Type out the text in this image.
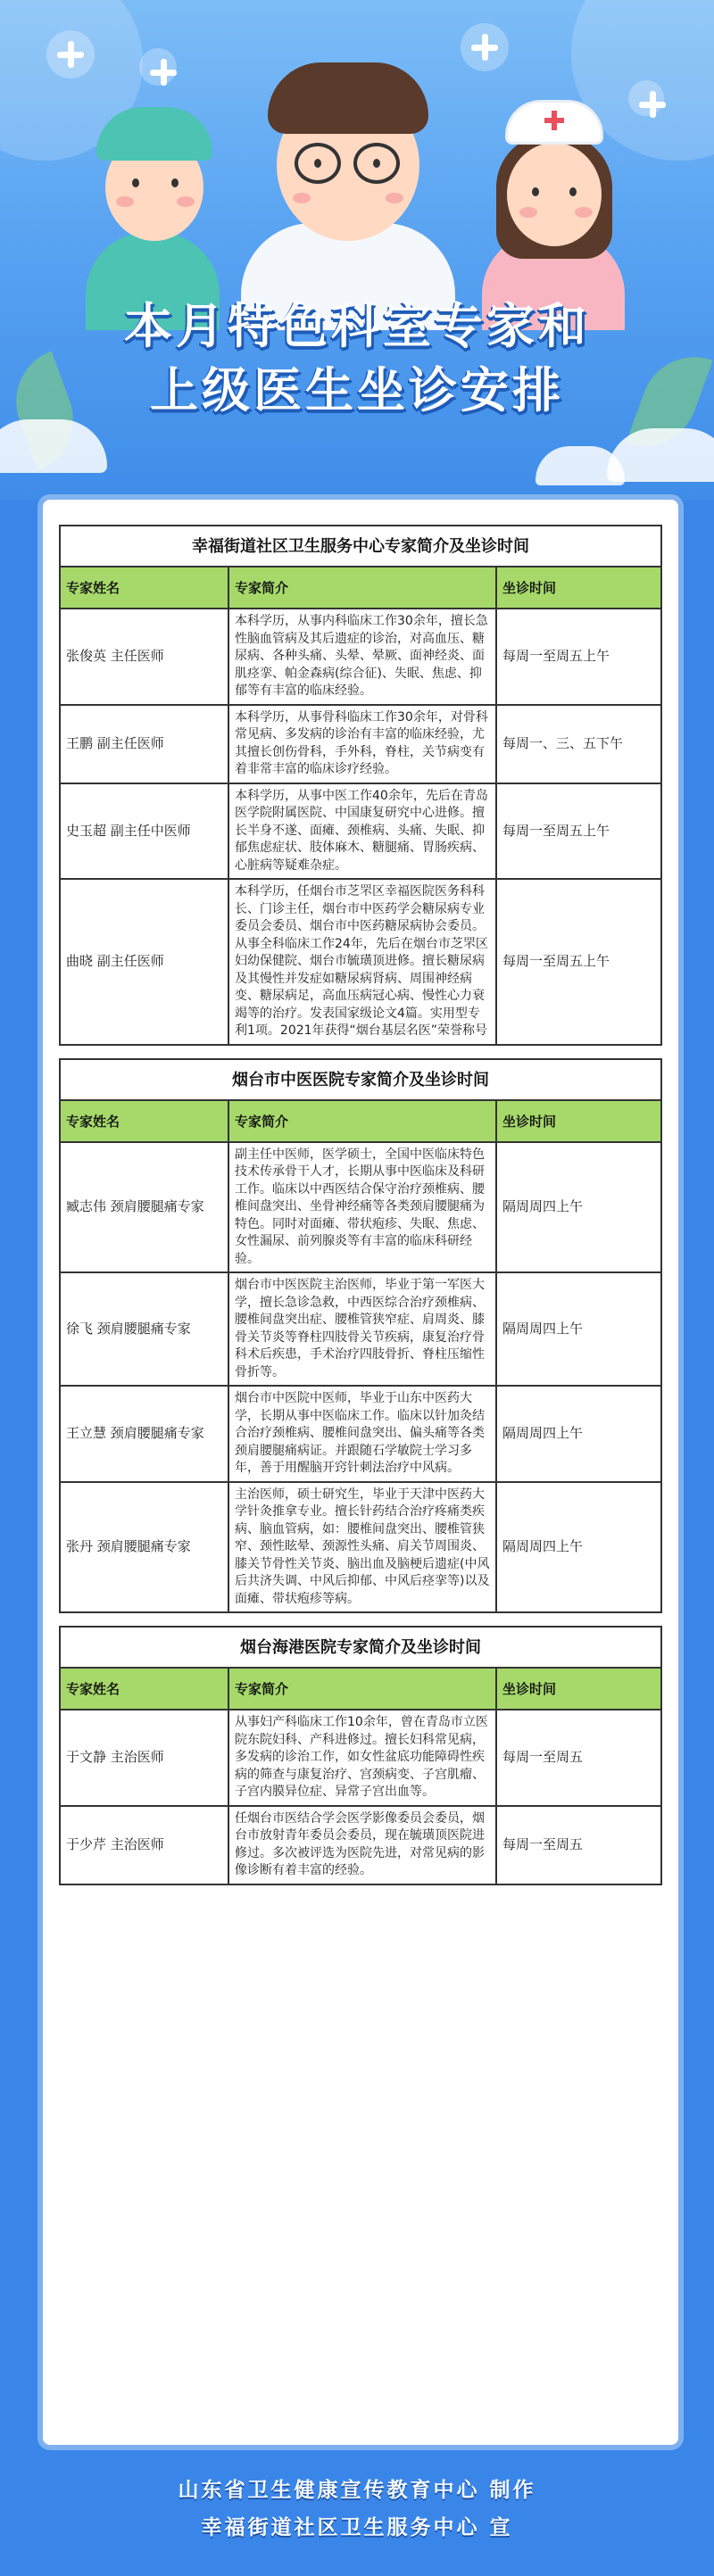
本月特色科室专家和
上级医生坐诊安排
幸福街道社区卫生服务中心专家简介及坐诊时间
专家姓名	专家简介	坐诊时间
张俊英 主任医师	本科学历，从事内科临床工作30余年，擅长急性脑血管病及其后遗症的诊治，对高血压、糖尿病、各种头痛、头晕、晕厥、面神经炎、面肌痉挛、帕金森病(综合征)、失眠、焦虑、抑郁等有丰富的临床经验。	每周一至周五上午
王鹏 副主任医师	本科学历，从事骨科临床工作30余年，对骨科常见病、多发病的诊治有丰富的临床经验，尤其擅长创伤骨科，手外科，脊柱，关节病变有着非常丰富的临床诊疗经验。	每周一、三、五下午
史玉超 副主任中医师	本科学历，从事中医工作40余年，先后在青岛医学院附属医院、中国康复研究中心进修。擅长半身不遂、面瘫、颈椎病、头痛、失眠、抑郁焦虑症状、肢体麻木、糖腿痛、胃肠疾病、心脏病等疑难杂症。	每周一至周五上午
曲晓 副主任医师	本科学历，任烟台市芝罘区幸福医院医务科科长、门诊主任，烟台市中医药学会糖尿病专业委员会委员、烟台市中医药糖尿病协会委员。从事全科临床工作24年，先后在烟台市芝罘区妇幼保健院、烟台市毓璜顶进修。擅长糖尿病及其慢性并发症如糖尿病肾病、周围神经病变、糖尿病足，高血压病冠心病、慢性心力衰竭等的治疗。发表国家级论文4篇。实用型专利1项。2021年获得“烟台基层名医”荣誉称号	每周一至周五上午
烟台市中医医院专家简介及坐诊时间
专家姓名	专家简介	坐诊时间
臧志伟 颈肩腰腿痛专家	副主任中医师，医学硕士，全国中医临床特色技术传承骨干人才，长期从事中医临床及科研工作。临床以中西医结合保守治疗颈椎病、腰椎间盘突出、坐骨神经痛等各类颈肩腰腿痛为特色。同时对面瘫、带状疱疹、失眠、焦虑、女性漏尿、前列腺炎等有丰富的临床科研经验。	隔周周四上午
徐飞 颈肩腰腿痛专家	烟台市中医医院主治医师，毕业于第一军医大学，擅长急诊急救，中西医综合治疗颈椎病、腰椎间盘突出症、腰椎管狭窄症、肩周炎、膝骨关节炎等脊柱四肢骨关节疾病，康复治疗骨科术后疾患，手术治疗四肢骨折、脊柱压缩性骨折等。	隔周周四上午
王立慧 颈肩腰腿痛专家	烟台市中医院中医师，毕业于山东中医药大学，长期从事中医临床工作。临床以针加灸结合治疗颈椎病、腰椎间盘突出、偏头痛等各类颈肩腰腿痛病证。并跟随石学敏院士学习多年，善于用醒脑开窍针刺法治疗中风病。	隔周周四上午
张丹 颈肩腰腿痛专家	主治医师，硕士研究生，毕业于天津中医药大学针灸推拿专业。擅长针药结合治疗疼痛类疾病、脑血管病，如：腰椎间盘突出、腰椎管狭窄、颈性眩晕、颈源性头痛、肩关节周围炎、膝关节骨性关节炎、脑出血及脑梗后遗症(中风后共济失调、中风后抑郁、中风后痉挛等)以及面瘫、带状疱疹等病。	隔周周四上午
烟台海港医院专家简介及坐诊时间
专家姓名	专家简介	坐诊时间
于文静 主治医师	从事妇产科临床工作10余年，曾在青岛市立医院东院妇科、产科进修过。擅长妇科常见病，多发病的诊治工作，如女性盆底功能障碍性疾病的筛查与康复治疗、宫颈病变、子宫肌瘤、子宫内膜异位症、异常子宫出血等。	每周一至周五
于少芹 主治医师	任烟台市医结合学会医学影像委员会委员，烟台市放射青年委员会委员，现在毓璜顶医院进修过。多次被评选为医院先进，对常见病的影像诊断有着丰富的经验。	每周一至周五
山东省卫生健康宣传教育中心 制作
幸福街道社区卫生服务中心 宣
